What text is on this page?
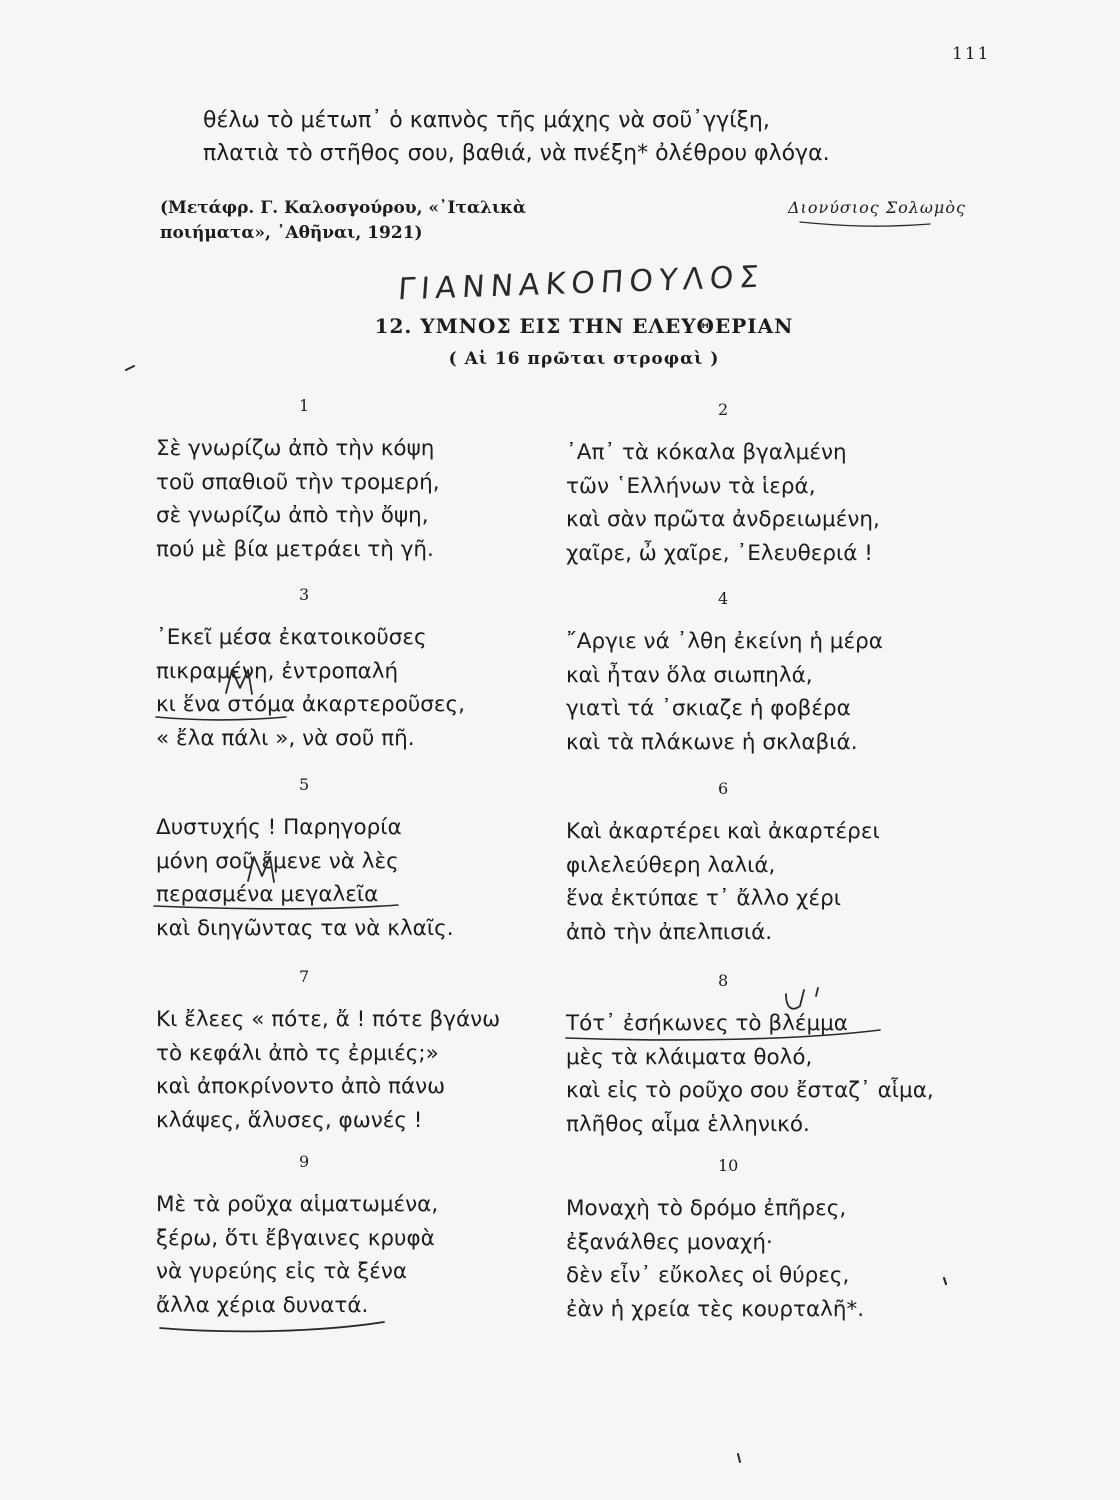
111
θέλω τὸ μέτωπ᾽ ὁ καπνὸς τῆς μάχης νὰ σοῦ᾽γγίξη,
πλατιὰ τὸ στῆθος σου, βαθιά, νὰ πνέξη* ὀλέθρου φλόγα.
(Μετάφρ. Γ. Καλοσγούρου, «᾽Ιταλικὰ
ποιήματα», ᾽Αθῆναι, 1921)
Διονύσιος Σολωμὸς
ΓΙΑΝΝΑΚΟΠΟΥΛΟΣ
12. ΥΜΝΟΣ ΕΙΣ ΤΗΝ ΕΛΕΥΘΕΡΙΑΝ
( Αἱ 16 πρῶται στροφαὶ )
1
Σὲ γνωρίζω ἀπὸ τὴν κόψη
τοῦ σπαθιοῦ τὴν τρομερή,
σὲ γνωρίζω ἀπὸ τὴν ὄψη,
πού μὲ βία μετράει τὴ γῆ.
2
᾽Απ᾽ τὰ κόκαλα βγαλμένη
τῶν ῾Ελλήνων τὰ ἱερά,
καὶ σὰν πρῶτα ἀνδρειωμένη,
χαῖρε, ὦ χαῖρε, ᾽Ελευθεριά !
3
᾽Εκεῖ μέσα ἐκατοικοῦσες
πικραμένη, ἐντροπαλή
κι ἕνα στόμα ἀκαρτεροῦσες,
« ἔλα πάλι », νὰ σοῦ πῆ.
4
῎Αργιε νά ᾽λθη ἐκείνη ἡ μέρα
καὶ ἦταν ὅλα σιωπηλά,
γιατὶ τά ᾽σκιαζε ἡ φοβέρα
καὶ τὰ πλάκωνε ἡ σκλαβιά.
5
Δυστυχής ! Παρηγορία
μόνη σοῦ ἔμενε νὰ λὲς
περασμένα μεγαλεῖα
καὶ διηγῶντας τα νὰ κλαῖς.
6
Καὶ ἀκαρτέρει καὶ ἀκαρτέρει
φιλελεύθερη λαλιά,
ἕνα ἐκτύπαε τ᾽ ἄλλο χέρι
ἀπὸ τὴν ἀπελπισιά.
7
Κι ἔλεες « πότε, ἄ ! πότε βγάνω
τὸ κεφάλι ἀπὸ τς ἐρμιές;»
καὶ ἀποκρίνοντο ἀπὸ πάνω
κλάψες, ἅλυσες, φωνές !
8
Τότ᾽ ἐσήκωνες τὸ βλέμμα
μὲς τὰ κλάιματα θολό,
καὶ εἰς τὸ ροῦχο σου ἔσταζ᾽ αἷμα,
πλῆθος αἷμα ἑλληνικό.
9
Μὲ τὰ ροῦχα αἱματωμένα,
ξέρω, ὅτι ἔβγαινες κρυφὰ
νὰ γυρεύης εἰς τὰ ξένα
ἄλλα χέρια δυνατά.
10
Μοναχὴ τὸ δρόμο ἐπῆρες,
ἐξανάλθες μοναχή·
δὲν εἶν᾽ εὔκολες οἱ θύρες,
ἐὰν ἡ χρεία τὲς κουρταλῆ*.
